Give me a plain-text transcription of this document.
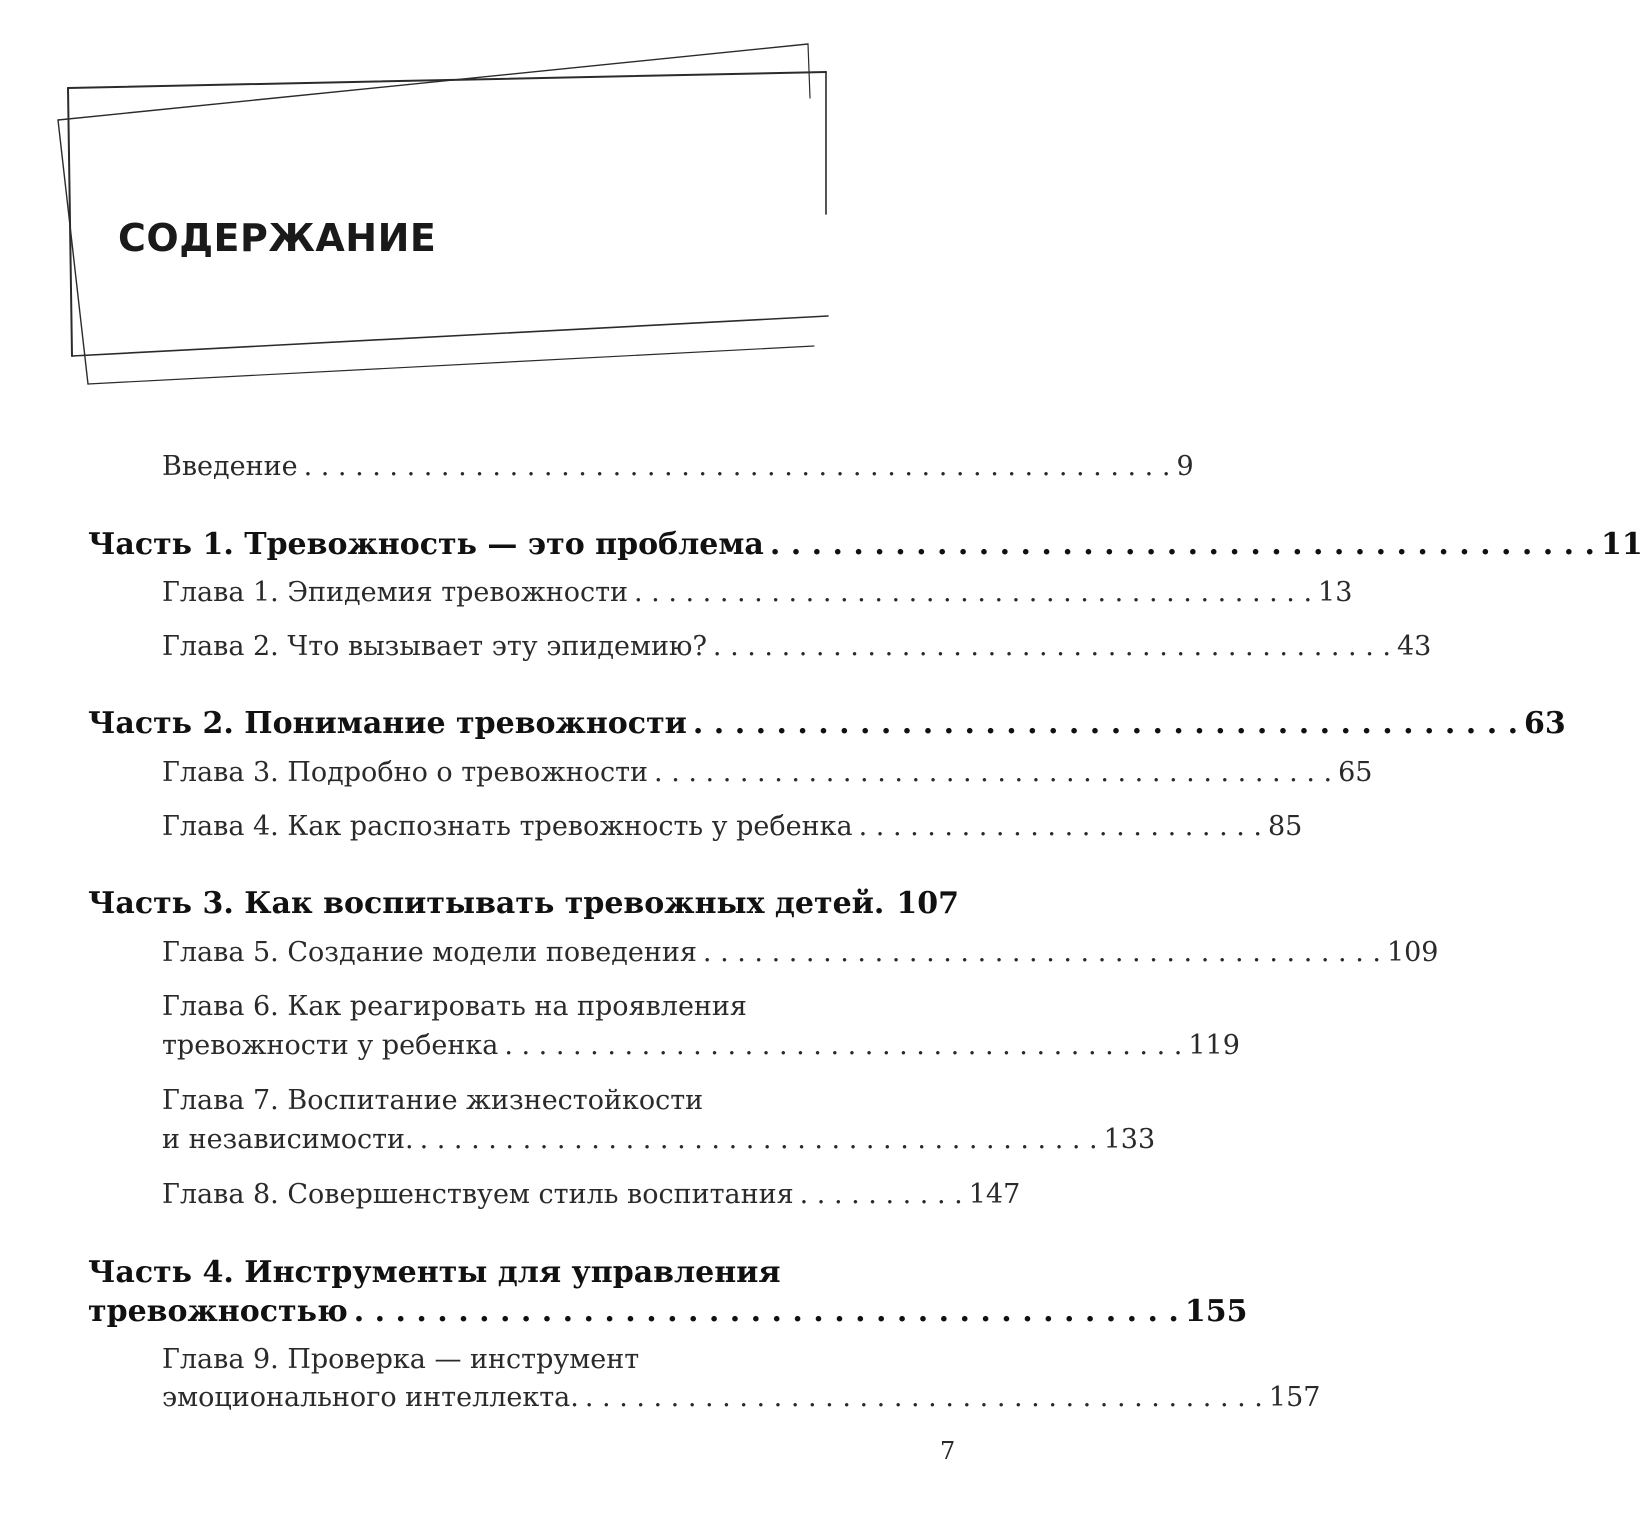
СОДЕРЖАНИЕ
Введение . . . . . . . . . . . . . . . . . . . . . . . . . . . . . . . . . . . . . . . . . . . . . . . . . . . 9
Часть 1. Тревожность — это проблема . . . . . . . . . . . . . . . . . . . . . . . . . . . . . . . . . . . . . . . . 11
Глава 1. Эпидемия тревожности . . . . . . . . . . . . . . . . . . . . . . . . . . . . . . . . . . . . . . . . 13
Глава 2. Что вызывает эту эпидемию? . . . . . . . . . . . . . . . . . . . . . . . . . . . . . . . . . . . . . . . . 43
Часть 2. Понимание тревожности . . . . . . . . . . . . . . . . . . . . . . . . . . . . . . . . . . . . . . . . 63
Глава 3. Подробно о тревожности . . . . . . . . . . . . . . . . . . . . . . . . . . . . . . . . . . . . . . . . 65
Глава 4. Как распознать тревожность у ребенка . . . . . . . . . . . . . . . . . . . . . . . . 85
Часть 3. Как воспитывать тревожных детей. 107
Глава 5. Создание модели поведения . . . . . . . . . . . . . . . . . . . . . . . . . . . . . . . . . . . . . . . . 109
Глава 6. Как реагировать на проявления
тревожности у ребенка . . . . . . . . . . . . . . . . . . . . . . . . . . . . . . . . . . . . . . . . 119
Глава 7. Воспитание жизнестойкости
и независимости. . . . . . . . . . . . . . . . . . . . . . . . . . . . . . . . . . . . . . . . . 133
Глава 8. Совершенствуем стиль воспитания . . . . . . . . . . 147
Часть 4. Инструменты для управления
тревожностью . . . . . . . . . . . . . . . . . . . . . . . . . . . . . . . . . . . . . . . . 155
Глава 9. Проверка — инструмент
эмоционального интеллекта. . . . . . . . . . . . . . . . . . . . . . . . . . . . . . . . . . . . . . . . . 157
7
